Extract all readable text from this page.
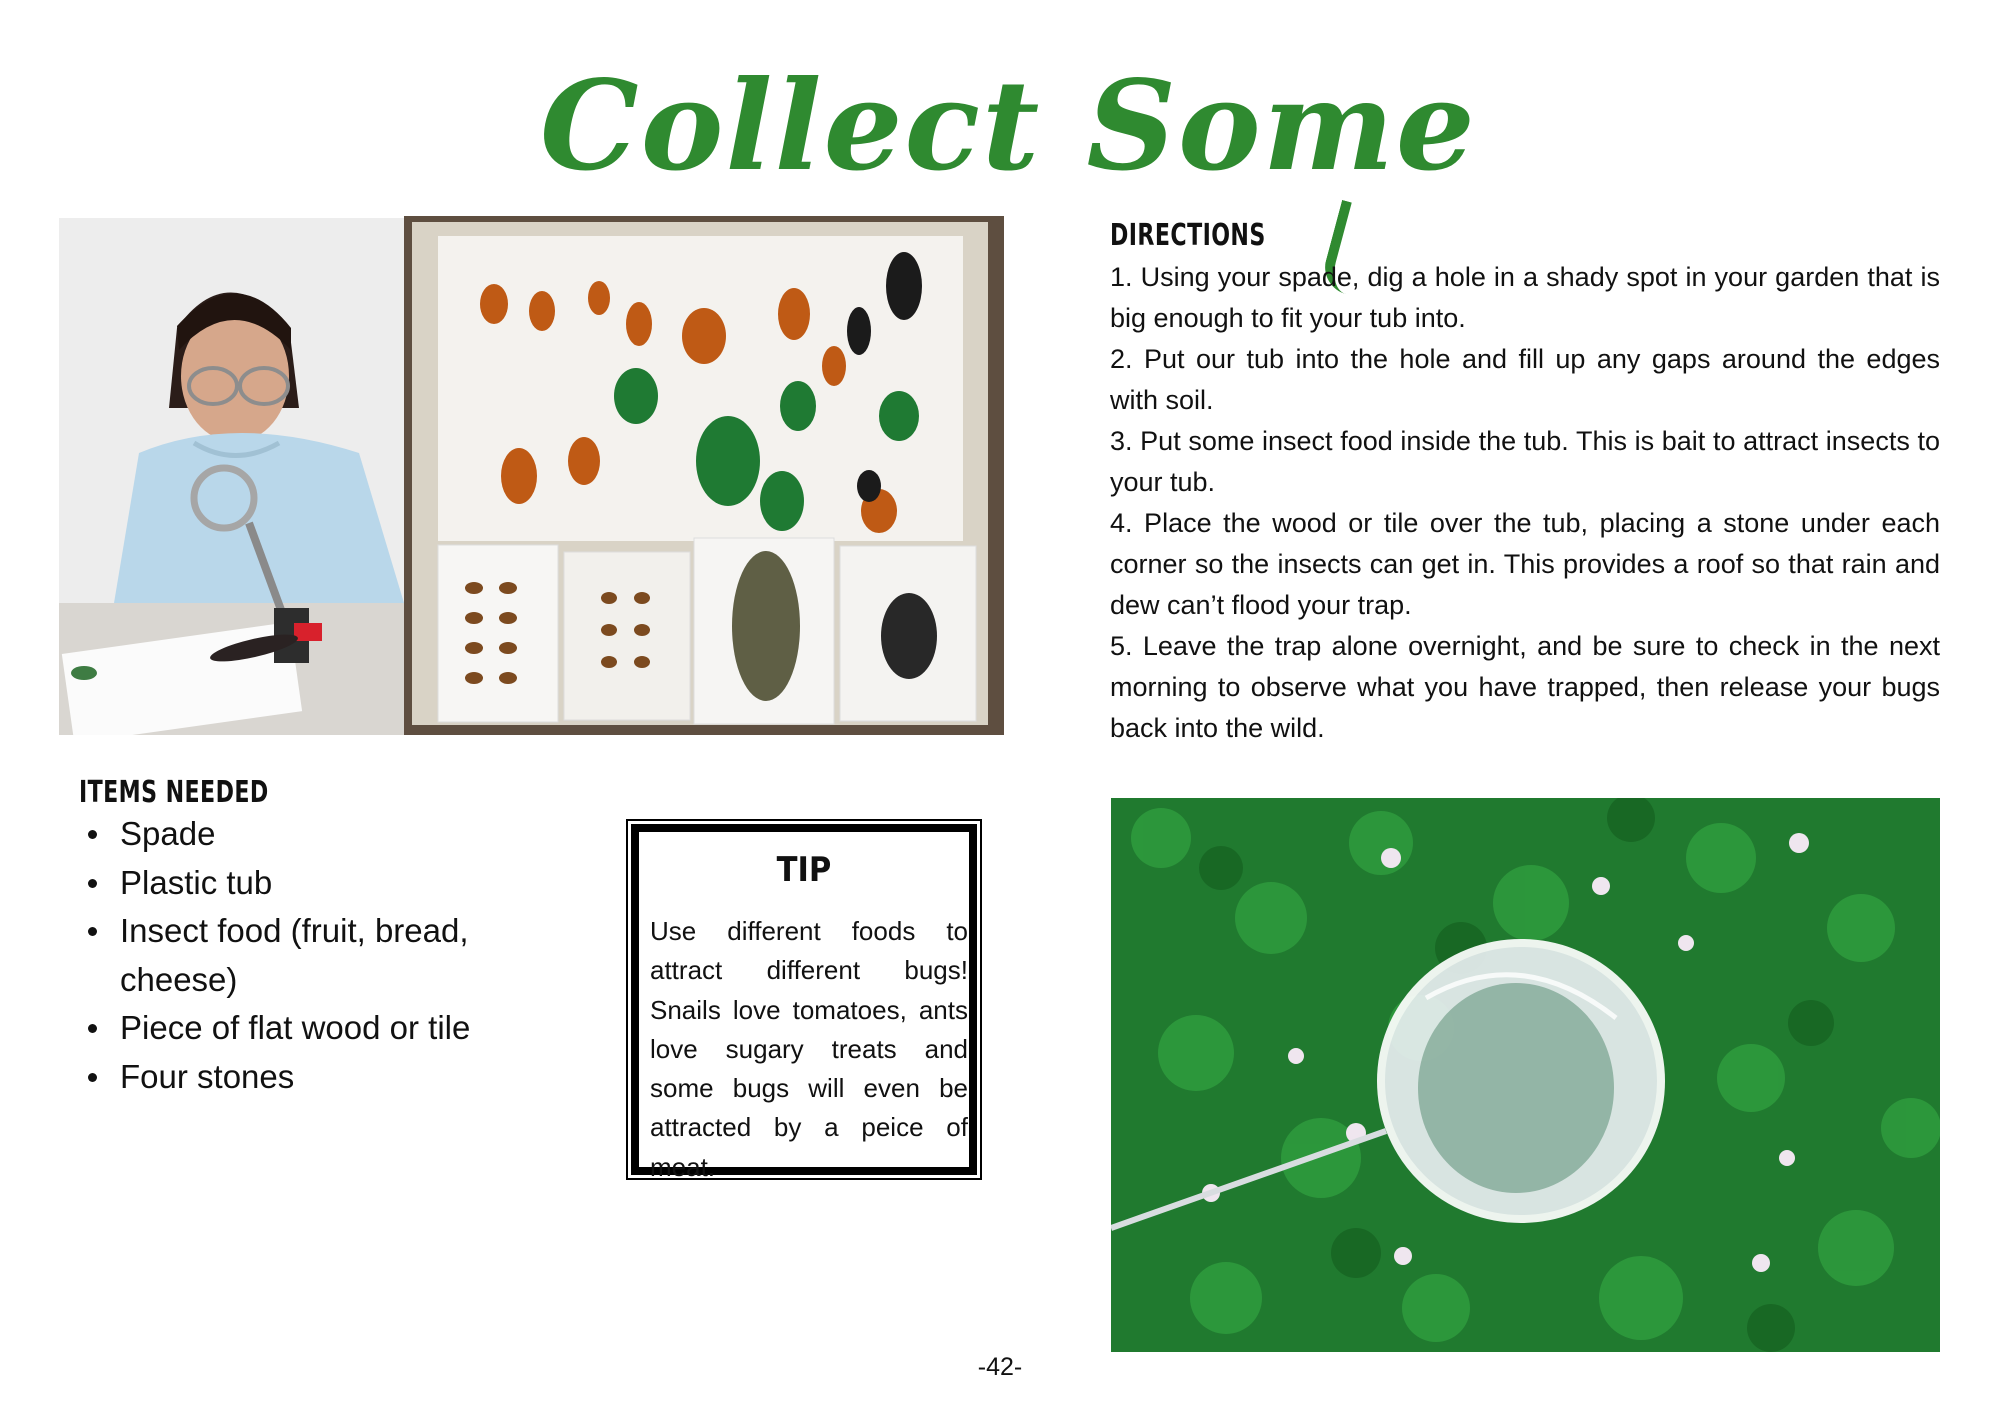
Collect Some
DIRECTIONS

1. Using your spade, dig a hole in a shady spot in your garden that is big enough to fit your tub into.

2. Put our tub into the hole and fill up any gaps around the edges with soil.

3. Put some insect food inside the tub. This is bait to attract insects to your tub.

4. Place the wood or tile over the tub, placing a stone under each corner so the insects can get in. This provides a roof so that rain and dew can’t flood your trap.

5. Leave the trap alone overnight, and be sure to check in the next morning to observe what you have trapped, then release your bugs back into the wild.

ITEMS NEEDED
Spade
Plastic tub
Insect food (fruit, bread, cheese)
Piece of flat wood or tile
Four stones
TIP

Use different foods to attract different bugs! Snails love tomatoes, ants love sugary treats and some bugs will even be attracted by a peice of meat.

-42-
